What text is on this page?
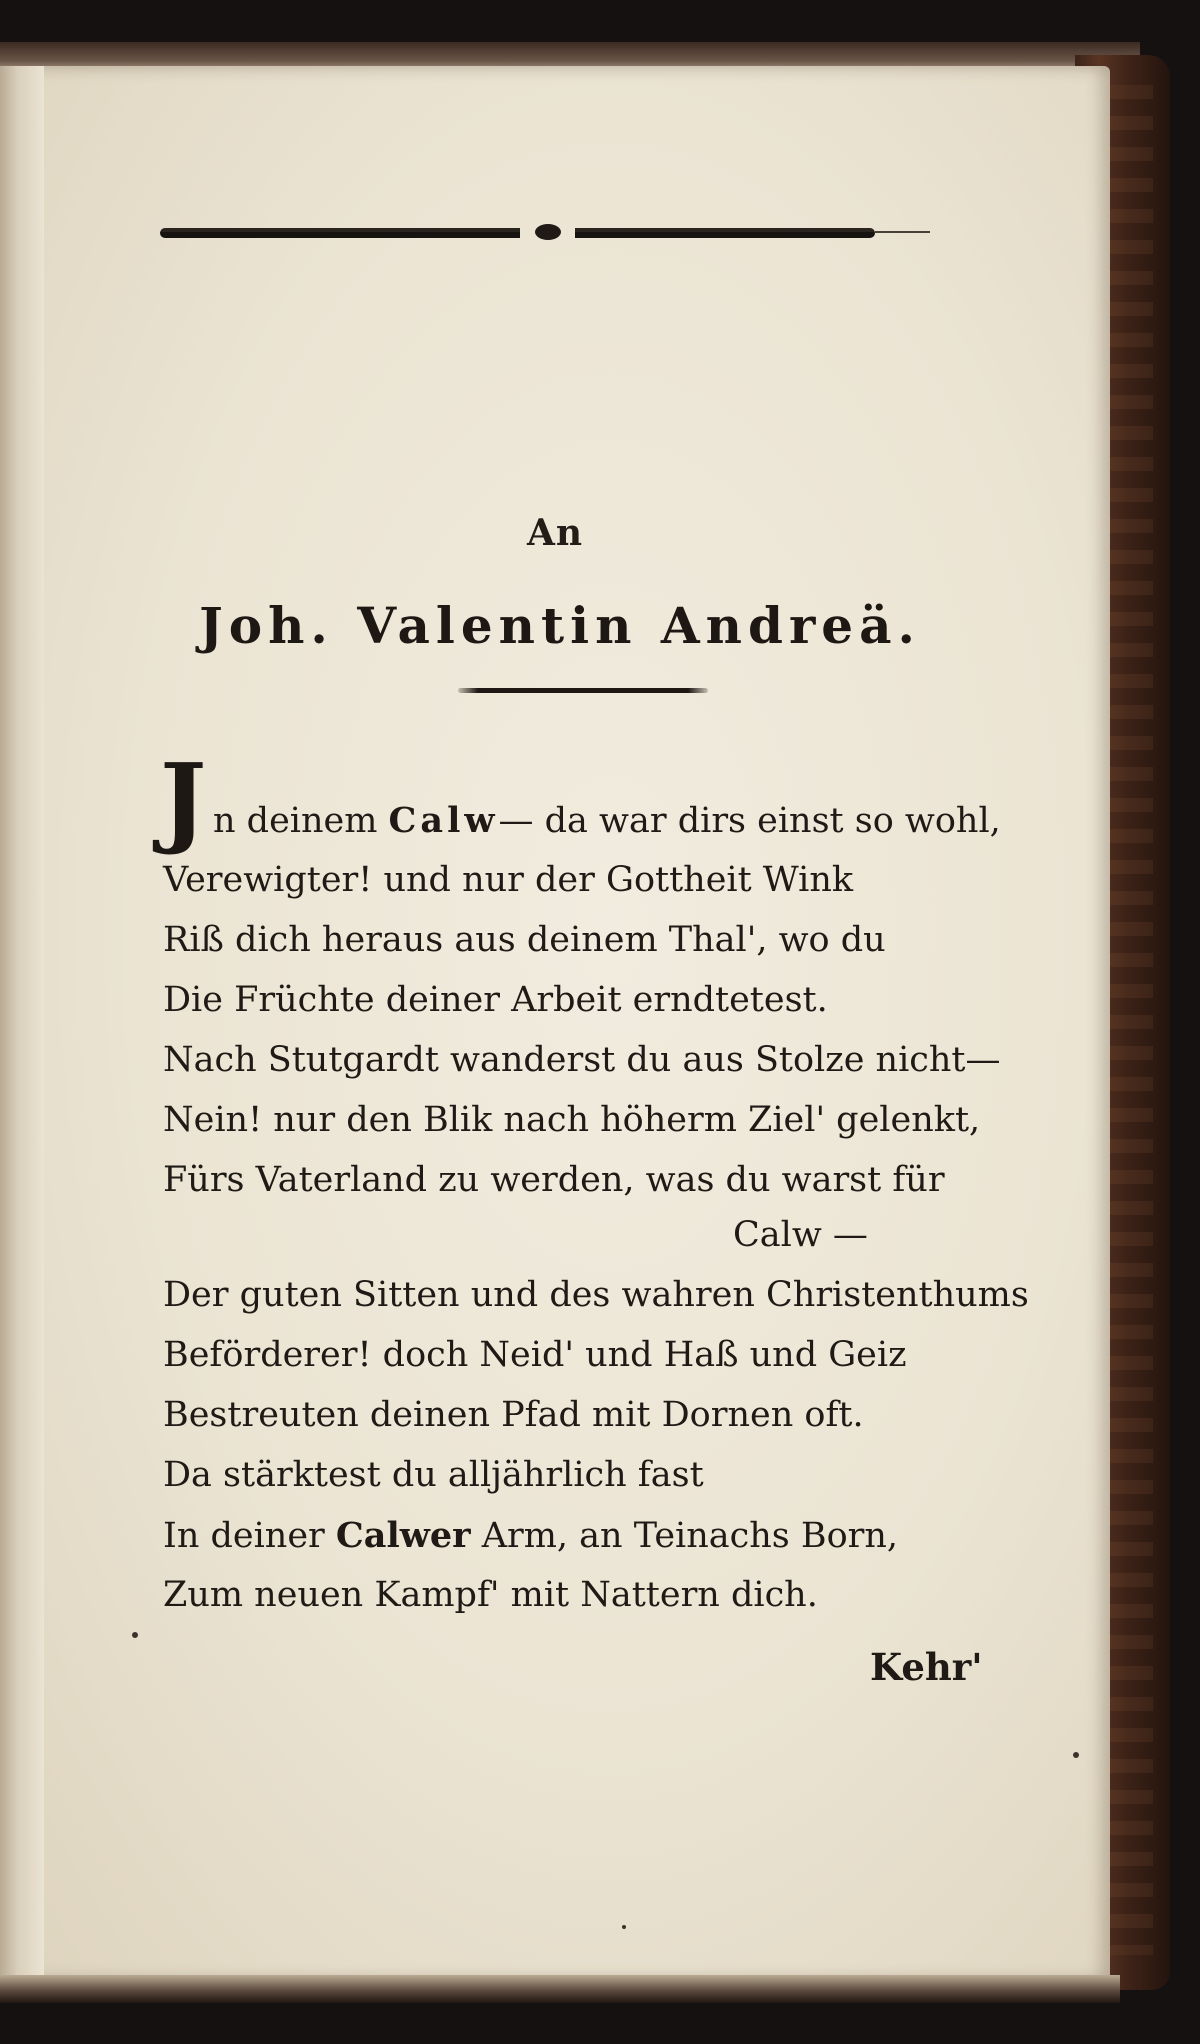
An
Joh. Valentin Andreä.
J n deinem Calw— da war dirs einst so wohl,
Verewigter! und nur der Gottheit Wink
Riß dich heraus aus deinem Thal', wo du
Die Früchte deiner Arbeit erndtetest.
Nach Stutgardt wanderst du aus Stolze nicht—
Nein! nur den Blik nach höherm Ziel' gelenkt,
Fürs Vaterland zu werden, was du warst für
Calw —
Der guten Sitten und des wahren Christenthums
Beförderer! doch Neid' und Haß und Geiz
Bestreuten deinen Pfad mit Dornen oft.
Da stärktest du alljährlich fast
In deiner Calwer Arm, an Teinachs Born,
Zum neuen Kampf' mit Nattern dich.
Kehr'
